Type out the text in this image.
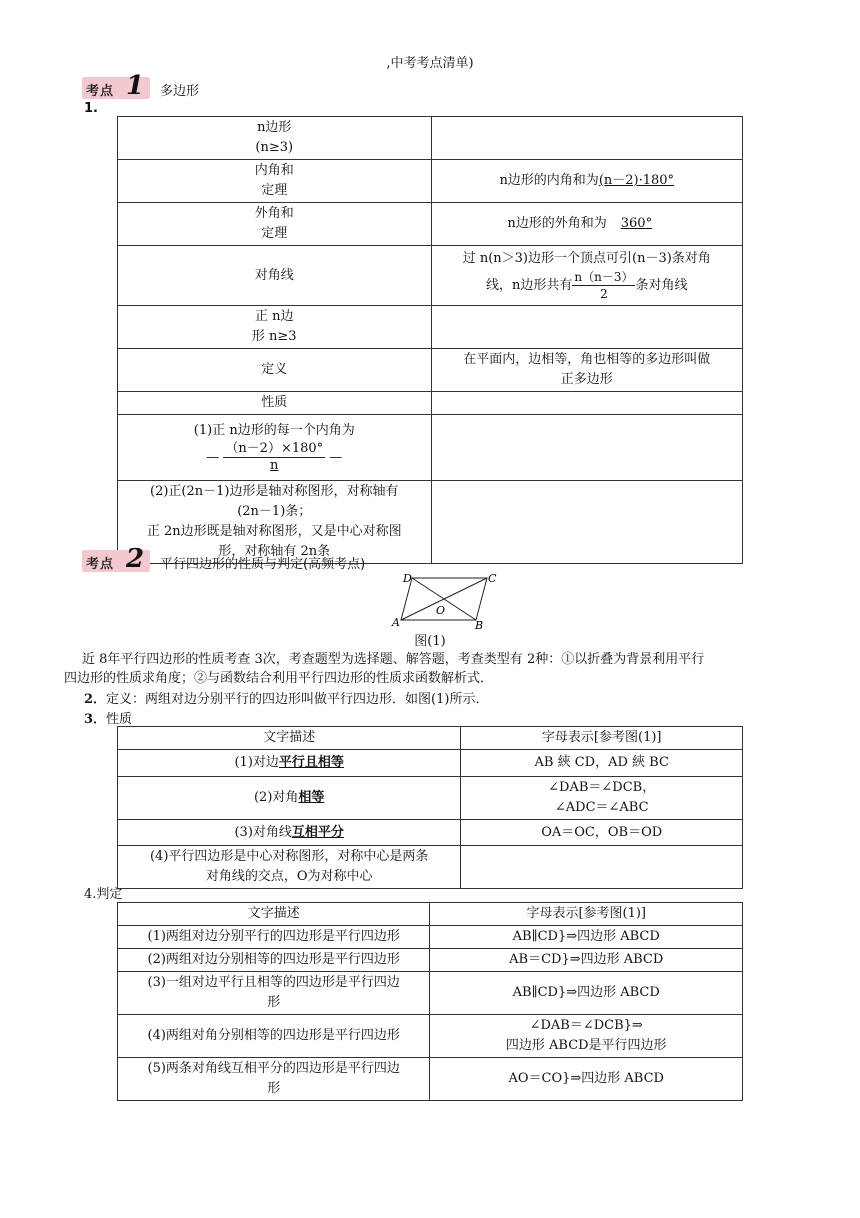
,中考考点清单)
考点 1 多边形
1.
n边形
(n≥3)	

内角和
定理	n边形的内角和为(n－2)·180°

外角和
定理	n边形的外角和为 360°
对角线	过 n(n＞3)边形一个顶点可引(n－3)条对角
线，n边形共有 $\frac{n(n-3)}{2}$ 条对角线

正 n边
形 n≥3	

定义	在平面内，边相等，角也相等的多边形叫做
正多边形

性质	

(1)正 n边形的每一个内角为
— $\frac{(n-2)\times 180^\circ}{n}$ —	

(2)正(2n－1)边形是轴对称图形，对称轴有
(2n－1)条；
正 2n边形既是轴对称图形，又是中心对称图
形，对称轴有 2n条	

考点 2 平行四边形的性质与判定(高频考点)
D	C
A	B
O
图(1)
近 8年平行四边形的性质考查 3次，考查题型为选择题、解答题，考查类型有 2种：①以折叠为背景利用平行
四边形的性质求角度；②与函数结合利用平行四边形的性质求函数解析式．
2．定义：两组对边分别平行的四边形叫做平行四边形．如图(1)所示．
3．性质
文字描述	字母表示[参考图(1)]
(1)对边平行且相等	AB 綊 CD，AD 綊 BC
(2)对角相等	∠DAB＝∠DCB，
∠ADC＝∠ABC

(3)对角线互相平分	OA＝OC，OB＝OD

(4)平行四边形是中心对称图形，对称中心是两条
对角线的交点，O为对称中心	

4.判定
文字描述	字母表示[参考图(1)]
(1)两组对边分别平行的四边形是平行四边形	AB∥CD}⇒四边形 ABCD
(2)两组对边分别相等的四边形是平行四边形	AB＝CD}⇒四边形 ABCD

(3)一组对边平行且相等的四边形是平行四边
形	AB∥CD}⇒四边形 ABCD
(4)两组对角分别相等的四边形是平行四边形	∠DAB＝∠DCB}⇒
四边形 ABCD是平行四边形

(5)两条对角线互相平分的四边形是平行四边
形	AO＝CO}⇒四边形 ABCD
